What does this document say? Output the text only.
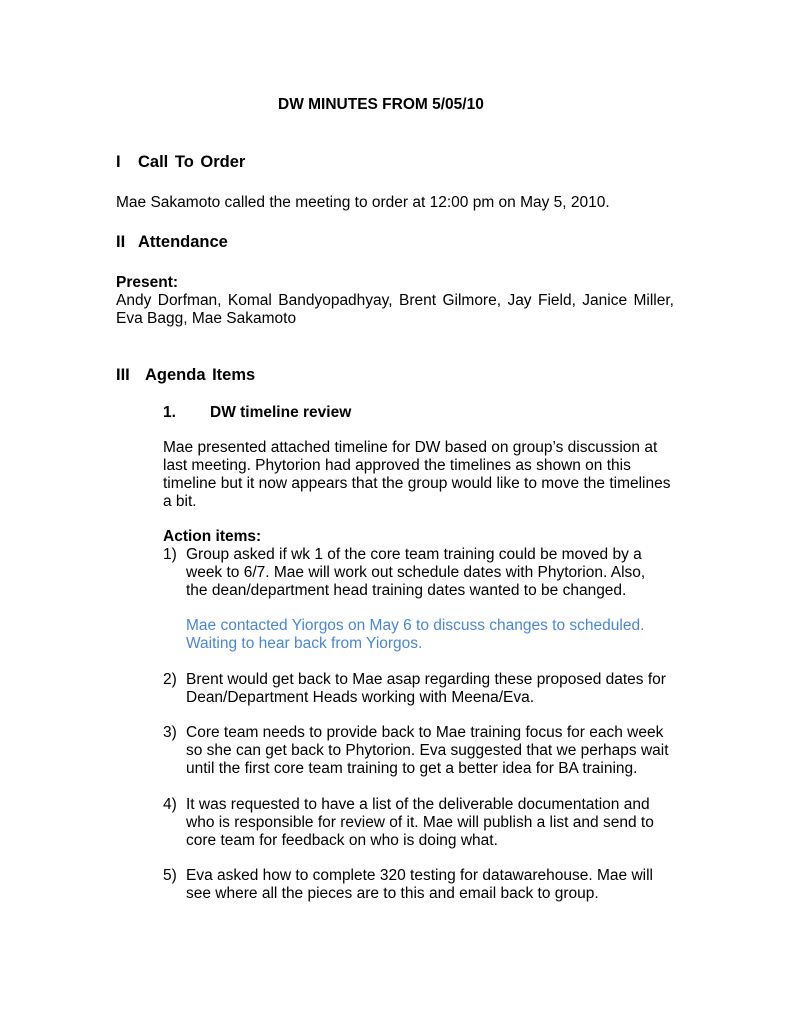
DW MINUTES FROM 5/05/10
I Call To Order
Mae Sakamoto called the meeting to order at 12:00 pm on May 5, 2010.
II Attendance
Present:
Andy Dorfman, Komal Bandyopadhyay, Brent Gilmore, Jay Field, Janice Miller,
Eva Bagg, Mae Sakamoto
III Agenda Items
1. DW timeline review
Mae presented attached timeline for DW based on group’s discussion at
last meeting. Phytorion had approved the timelines as shown on this
timeline but it now appears that the group would like to move the timelines
a bit.
Action items:
1) Group asked if wk 1 of the core team training could be moved by a
week to 6/7. Mae will work out schedule dates with Phytorion. Also,
the dean/department head training dates wanted to be changed.
Mae contacted Yiorgos on May 6 to discuss changes to scheduled.
Waiting to hear back from Yiorgos.
2) Brent would get back to Mae asap regarding these proposed dates for
Dean/Department Heads working with Meena/Eva.
3) Core team needs to provide back to Mae training focus for each week
so she can get back to Phytorion. Eva suggested that we perhaps wait
until the first core team training to get a better idea for BA training.
4) It was requested to have a list of the deliverable documentation and
who is responsible for review of it. Mae will publish a list and send to
core team for feedback on who is doing what.
5) Eva asked how to complete 320 testing for datawarehouse. Mae will
see where all the pieces are to this and email back to group.
